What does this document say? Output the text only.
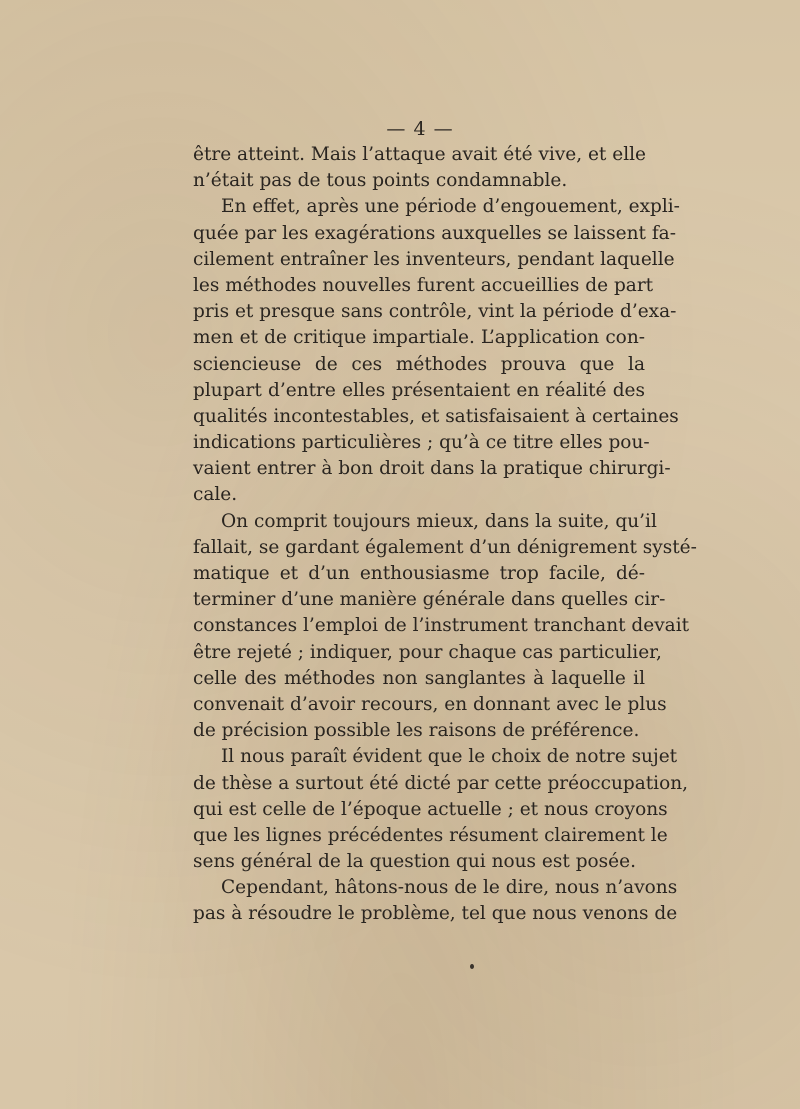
— 4 —
être atteint. Mais l’attaque avait été vive, et elle
n’était pas de tous points condamnable.
En effet, après une période d’engouement, expli-
quée par les exagérations auxquelles se laissent fa-
cilement entraîner les inventeurs, pendant laquelle
les méthodes nouvelles furent accueillies de part
pris et presque sans contrôle, vint la période d’exa-
men et de critique impartiale. L’application con-
sciencieuse de ces méthodes prouva que la
plupart d’entre elles présentaient en réalité des
qualités incontestables, et satisfaisaient à certaines
indications particulières ; qu’à ce titre elles pou-
vaient entrer à bon droit dans la pratique chirurgi-
cale.
On comprit toujours mieux, dans la suite, qu’il
fallait, se gardant également d’un dénigrement systé-
matique et d’un enthousiasme trop facile, dé-
terminer d’une manière générale dans quelles cir-
constances l’emploi de l’instrument tranchant devait
être rejeté ; indiquer, pour chaque cas particulier,
celle des méthodes non sanglantes à laquelle il
convenait d’avoir recours, en donnant avec le plus
de précision possible les raisons de préférence.
Il nous paraît évident que le choix de notre sujet
de thèse a surtout été dicté par cette préoccupation,
qui est celle de l’époque actuelle ; et nous croyons
que les lignes précédentes résument clairement le
sens général de la question qui nous est posée.
Cependant, hâtons-nous de le dire, nous n’avons
pas à résoudre le problème, tel que nous venons de
